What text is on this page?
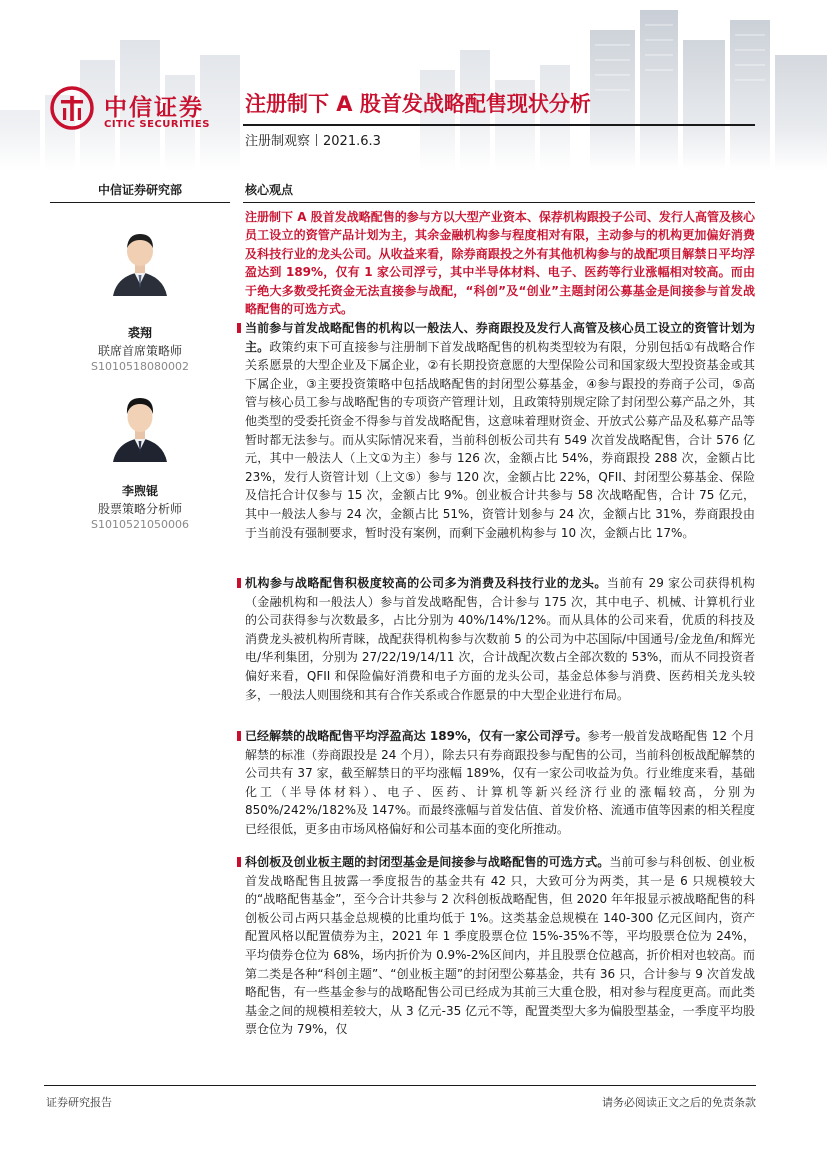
中信证券
CITIC SECURITIES
注册制下 A 股首发战略配售现状分析
注册制观察 2021.6.3
中信证券研究部	核心观点
裘翔
联席首席策略师
S1010518080002
李煦锟
股票策略分析师
S1010521050006
注册制下 A 股首发战略配售的参与方以大型产业资本、保荐机构跟投子公司、发行人高管及核心员工设立的资管产品计划为主，其余金融机构参与程度相对有限，主动参与的机构更加偏好消费及科技行业的龙头公司。从收益来看，除券商跟投之外有其他机构参与的战配项目解禁日平均浮盈达到 189%，仅有 1 家公司浮亏，其中半导体材料、电子、医药等行业涨幅相对较高。而由于绝大多数受托资金无法直接参与战配，“科创”及“创业”主题封闭公募基金是间接参与首发战略配售的可选方式。
当前参与首发战略配售的机构以一般法人、券商跟投及发行人高管及核心员工设立的资管计划为主。政策约束下可直接参与注册制下首发战略配售的机构类型较为有限，分别包括①有战略合作关系愿景的大型企业及下属企业，②有长期投资意愿的大型保险公司和国家级大型投资基金或其下属企业，③主要投资策略中包括战略配售的封闭型公募基金，④参与跟投的券商子公司，⑤高管与核心员工参与战略配售的专项资产管理计划，且政策特别规定除了封闭型公募产品之外，其他类型的受委托资金不得参与首发战略配售，这意味着理财资金、开放式公募产品及私募产品等暂时都无法参与。而从实际情况来看，当前科创板公司共有 549 次首发战略配售，合计 576 亿元，其中一般法人（上文①为主）参与 126 次，金额占比 54%，券商跟投 288 次，金额占比 23%，发行人资管计划（上文⑤）参与 120 次，金额占比 22%，QFII、封闭型公募基金、保险及信托合计仅参与 15 次，金额占比 9%。创业板合计共参与 58 次战略配售，合计 75 亿元，其中一般法人参与 24 次，金额占比 51%，资管计划参与 24 次，金额占比 31%，券商跟投由于当前没有强制要求，暂时没有案例，而剩下金融机构参与 10 次，金额占比 17%。
机构参与战略配售积极度较高的公司多为消费及科技行业的龙头。当前有 29 家公司获得机构（金融机构和一般法人）参与首发战略配售，合计参与 175 次，其中电子、机械、计算机行业的公司获得参与次数最多，占比分别为 40%/14%/12%。而从具体的公司来看，优质的科技及消费龙头被机构所青睐，战配获得机构参与次数前 5 的公司为中芯国际/中国通号/金龙鱼/和辉光电/华利集团，分别为 27/22/19/14/11 次，合计战配次数占全部次数的 53%，而从不同投资者偏好来看，QFII 和保险偏好消费和电子方面的龙头公司，基金总体参与消费、医药相关龙头较多，一般法人则围绕和其有合作关系或合作愿景的中大型企业进行布局。
已经解禁的战略配售平均浮盈高达 189%，仅有一家公司浮亏。参考一般首发战略配售 12 个月解禁的标准（券商跟投是 24 个月），除去只有券商跟投参与配售的公司，当前科创板战配解禁的公司共有 37 家，截至解禁日的平均涨幅 189%，仅有一家公司收益为负。行业维度来看，基础化工（半导体材料）、电子、医药、计算机等新兴经济行业的涨幅较高，分别为 850%/242%/182%及 147%。而最终涨幅与首发估值、首发价格、流通市值等因素的相关程度已经很低，更多由市场风格偏好和公司基本面的变化所推动。
科创板及创业板主题的封闭型基金是间接参与战略配售的可选方式。当前可参与科创板、创业板首发战略配售且披露一季度报告的基金共有 42 只，大致可分为两类，其一是 6 只规模较大的“战略配售基金”，至今合计共参与 2 次科创板战略配售，但 2020 年年报显示被战略配售的科创板公司占两只基金总规模的比重均低于 1%。这类基金总规模在 140-300 亿元区间内，资产配置风格以配置债券为主，2021 年 1 季度股票仓位 15%-35%不等，平均股票仓位为 24%，平均债券仓位为 68%，场内折价为 0.9%-2%区间内，并且股票仓位越高，折价相对也较高。而第二类是各种“科创主题”、“创业板主题”的封闭型公募基金，共有 36 只，合计参与 9 次首发战略配售，有一些基金参与的战略配售公司已经成为其前三大重仓股，相对参与程度更高。而此类基金之间的规模相差较大，从 3 亿元-35 亿元不等，配置类型大多为偏股型基金，一季度平均股票仓位为 79%，仅
证券研究报告	请务必阅读正文之后的免责条款
